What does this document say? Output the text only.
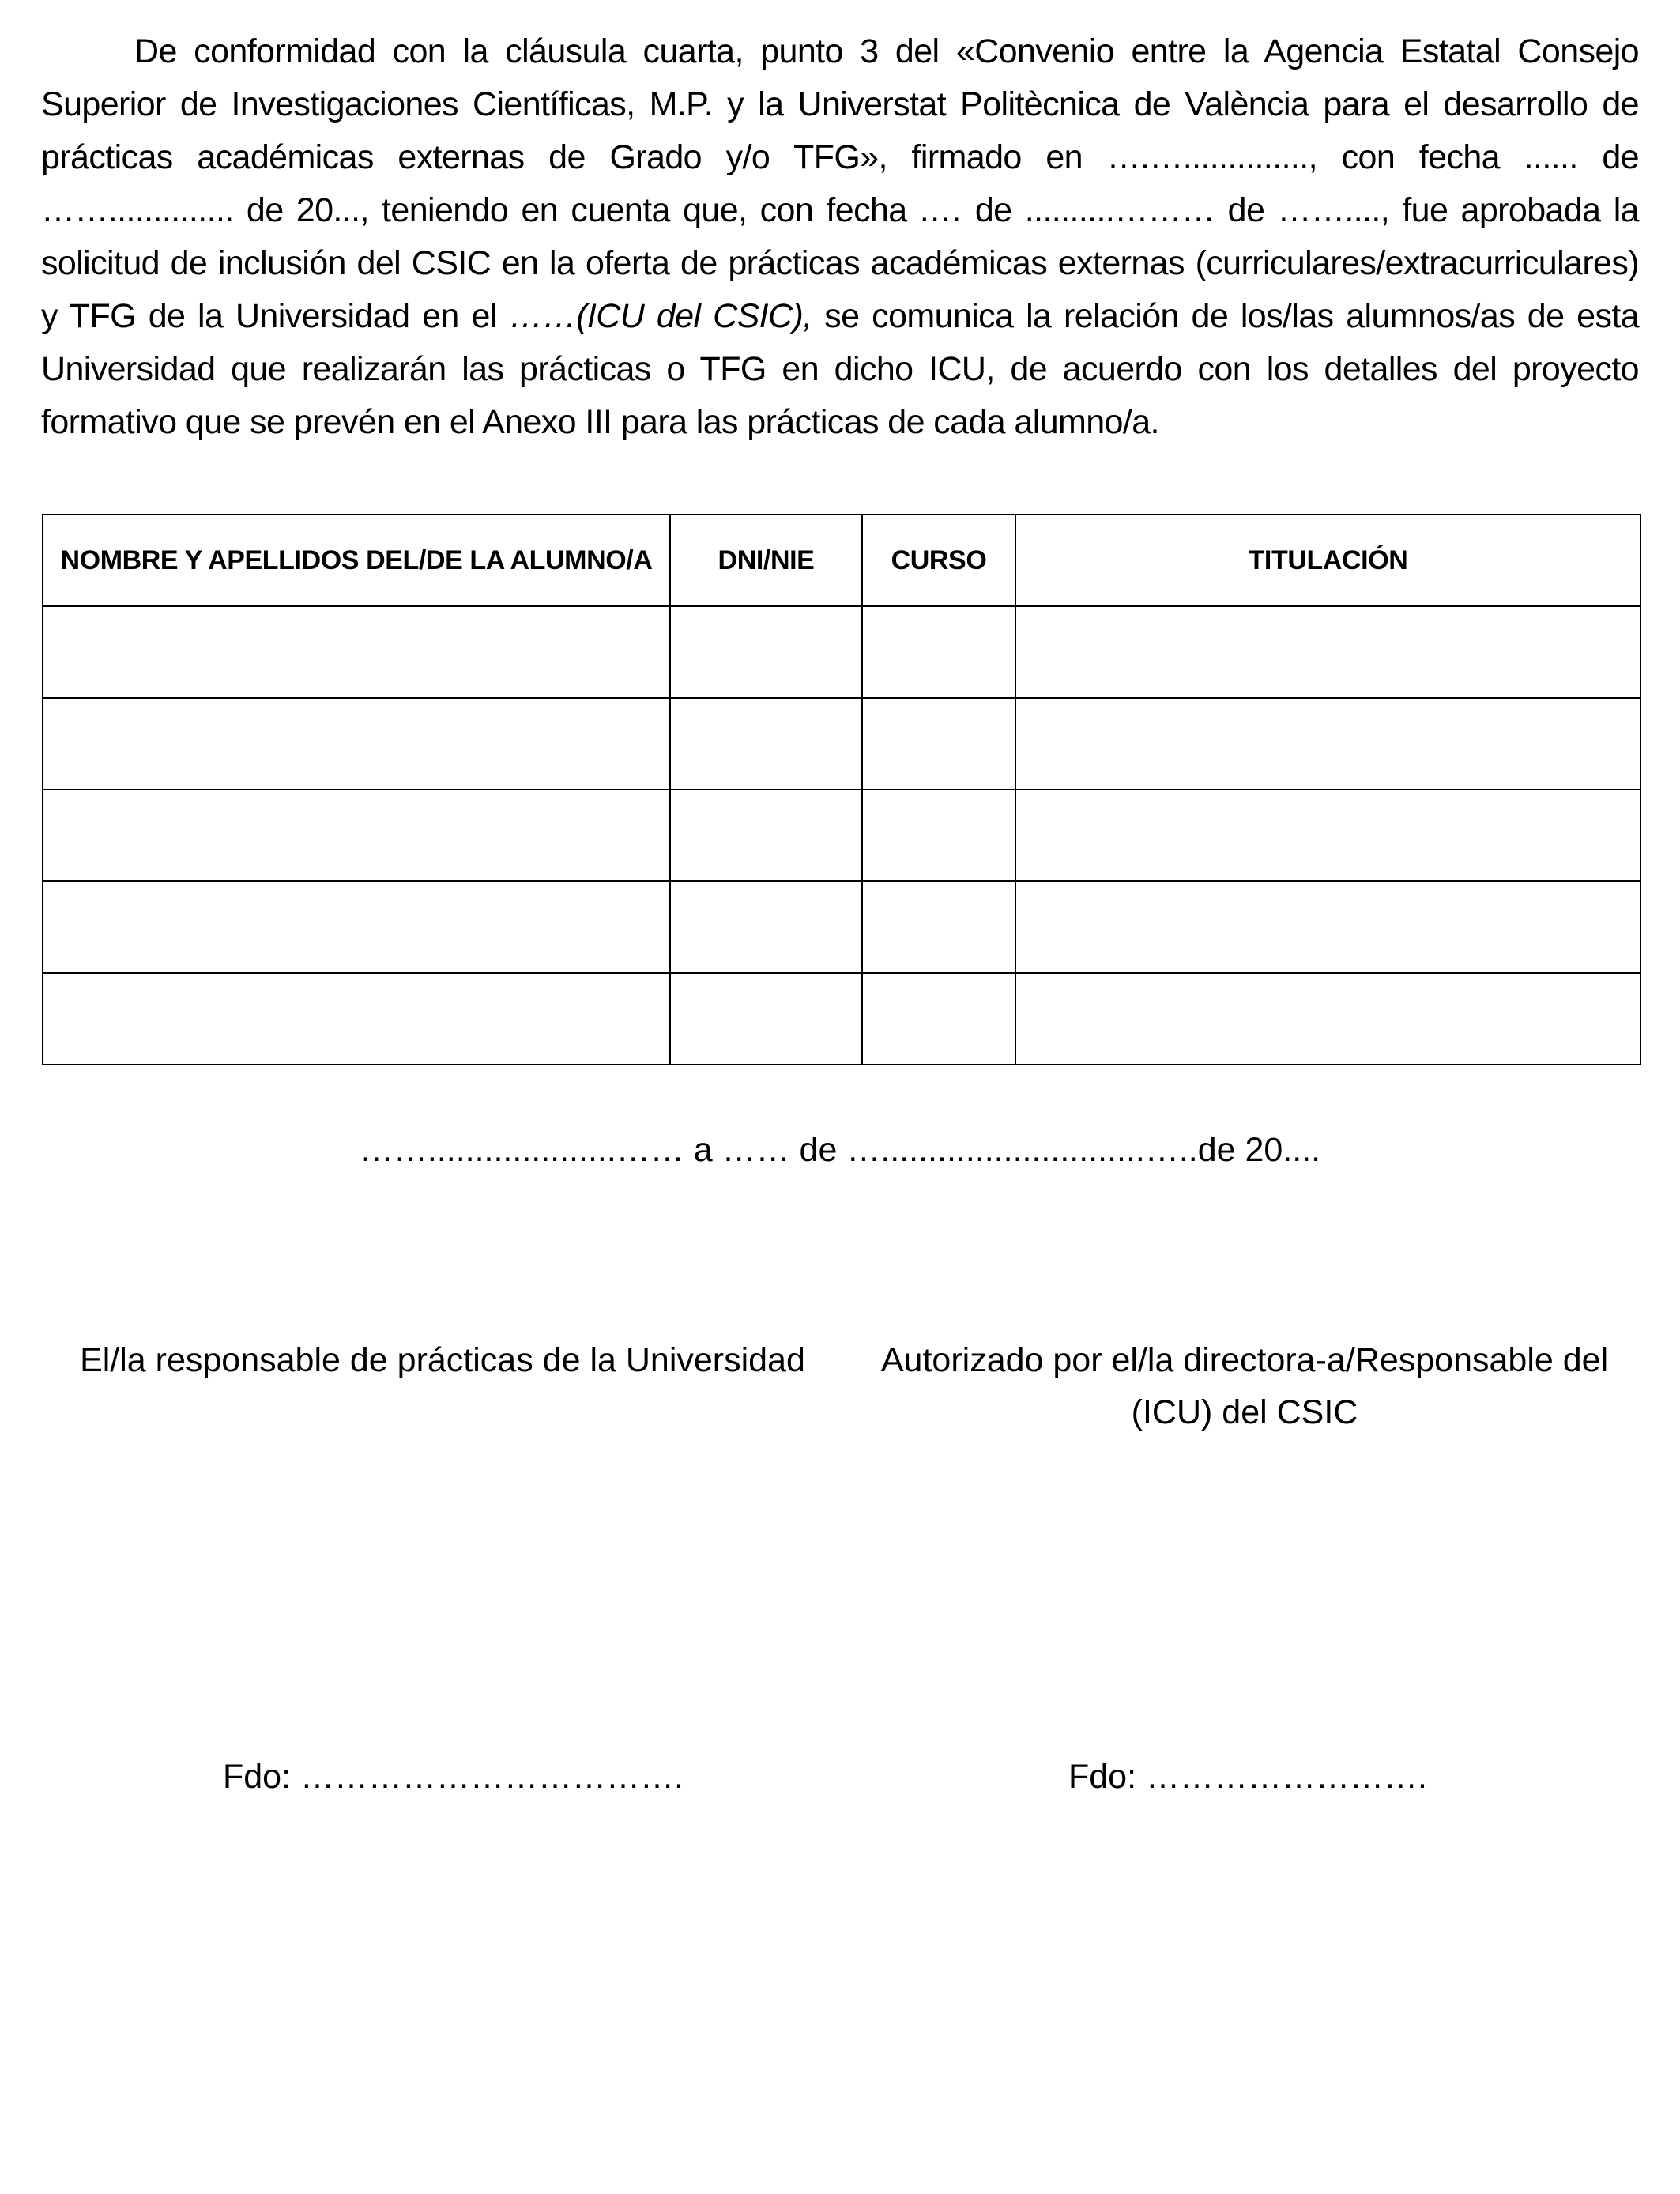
De conformidad con la cláusula cuarta, punto 3 del «Convenio entre la Agencia Estatal Consejo Superior de Investigaciones Científicas, M.P. y la Universtat Politècnica de València para el desarrollo de prácticas académicas externas de Grado y/o TFG», firmado en ….….............., con fecha ...... de …….............. de 20..., teniendo en cuenta que, con fecha .… de ..........……… de ……...., fue aprobada la solicitud de inclusión del CSIC en la oferta de prácticas académicas externas (curriculares/extracurriculares) y TFG de la Universidad en el ……(ICU del CSIC), se comunica la relación de los/las alumnos/as de esta Universidad que realizarán las prácticas o TFG en dicho ICU, de acuerdo con los detalles del proyecto formativo que se prevén en el Anexo III para las prácticas de cada alumno/a.

NOMBRE Y APELLIDOS DEL/DE LA ALUMNO/A	DNI/NIE	CURSO	TITULACIÓN

……....................…… a …… de …............................…..de 20....
El/la responsable de prácticas de la Universidad	Autorizado por el/la directora-a/Responsable del
(ICU) del CSIC
Fdo: …………………………….	Fdo: …………………….
